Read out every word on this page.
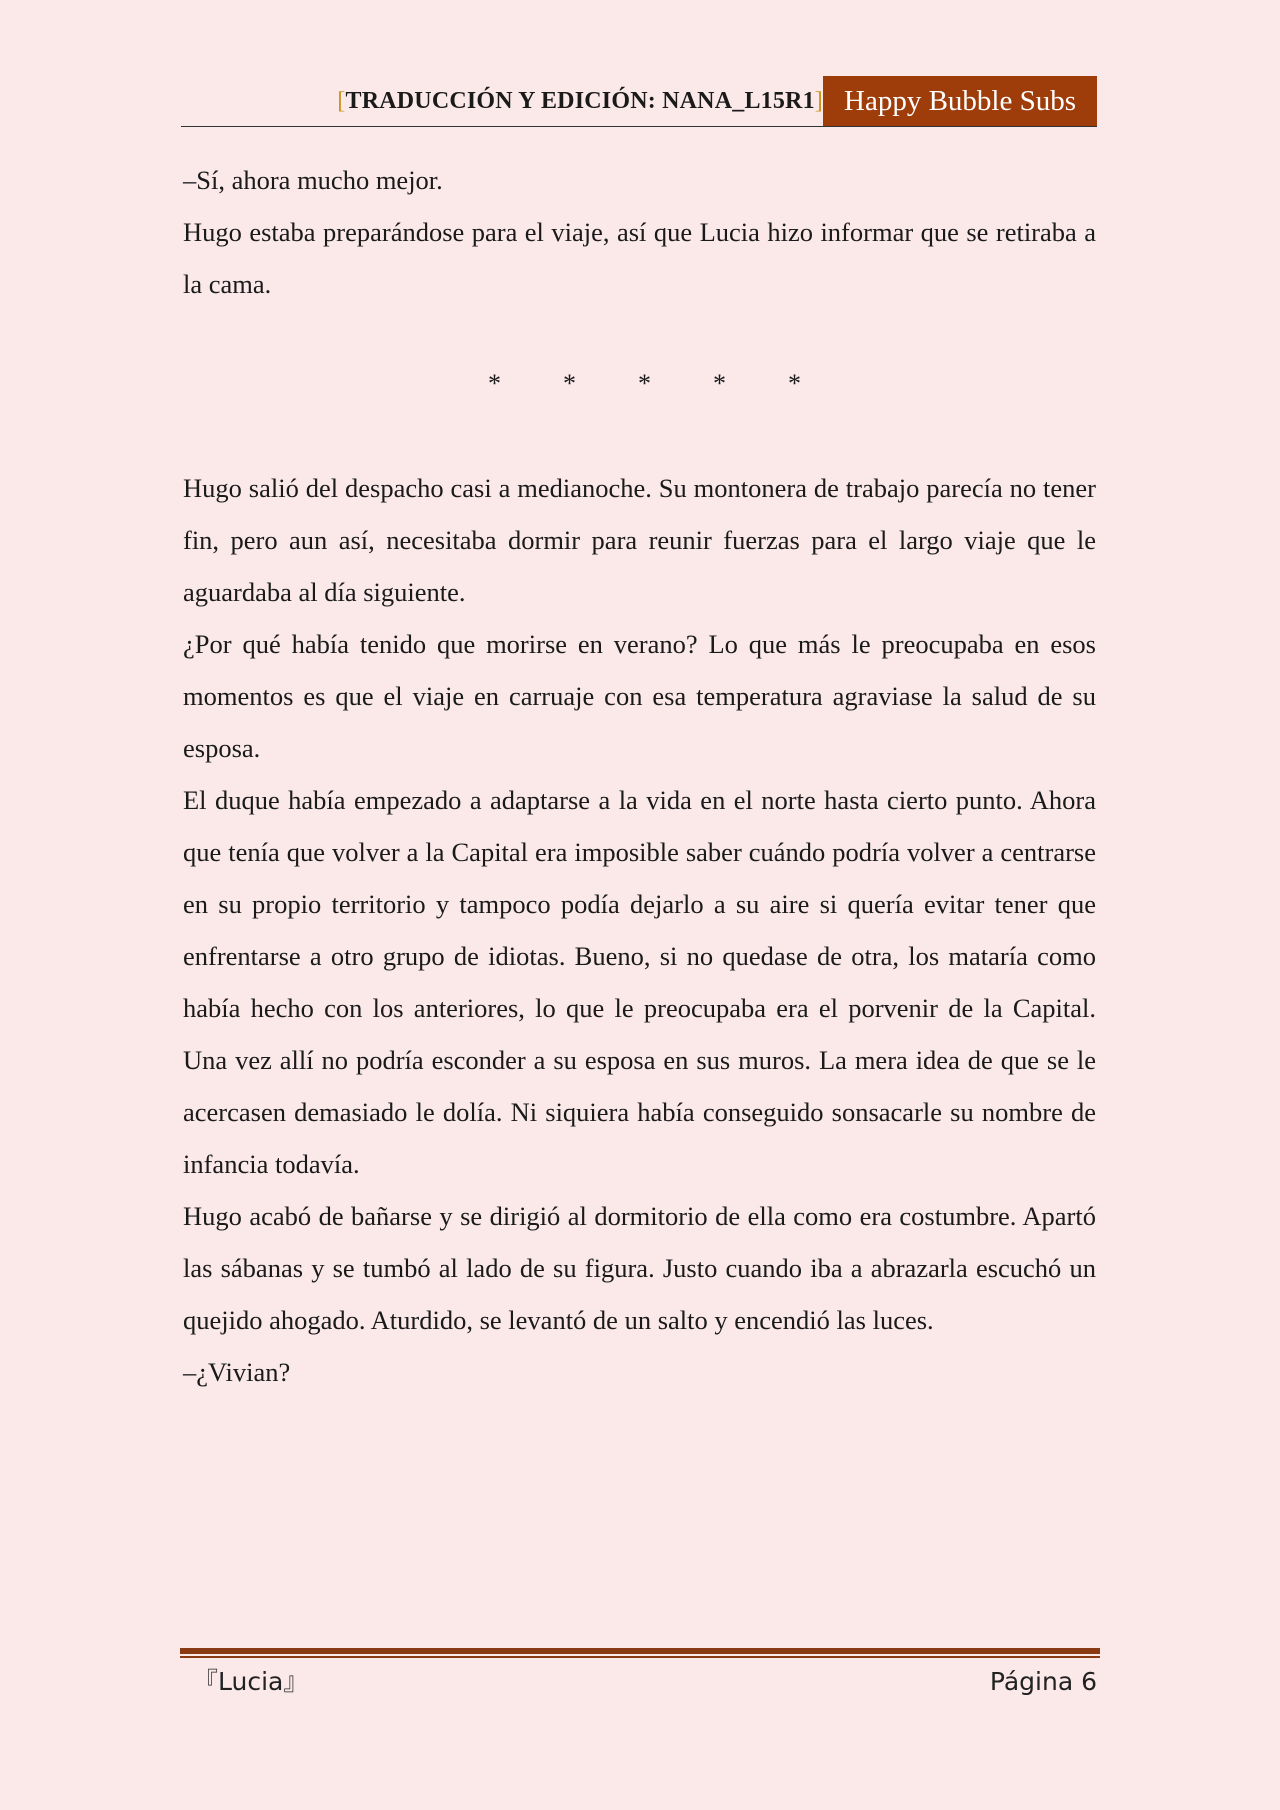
[TRADUCCIÓN Y EDICIÓN: NANA_L15R1] Happy Bubble Subs

–Sí, ahora mucho mejor.

Hugo estaba preparándose para el viaje, así que Lucia hizo informar que se retiraba a la cama.

*	*	*	*	*

Hugo salió del despacho casi a medianoche. Su montonera de trabajo parecía no tener fin, pero aun así, necesitaba dormir para reunir fuerzas para el largo viaje que le aguardaba al día siguiente.

¿Por qué había tenido que morirse en verano? Lo que más le preocupaba en esos momentos es que el viaje en carruaje con esa temperatura agraviase la salud de su esposa.

El duque había empezado a adaptarse a la vida en el norte hasta cierto punto. Ahora que tenía que volver a la Capital era imposible saber cuándo podría volver a centrarse en su propio territorio y tampoco podía dejarlo a su aire si quería evitar tener que enfrentarse a otro grupo de idiotas. Bueno, si no quedase de otra, los mataría como había hecho con los anteriores, lo que le preocupaba era el porvenir de la Capital. Una vez allí no podría esconder a su esposa en sus muros. La mera idea de que se le acercasen demasiado le dolía. Ni siquiera había conseguido sonsacarle su nombre de infancia todavía.

Hugo acabó de bañarse y se dirigió al dormitorio de ella como era costumbre. Apartó las sábanas y se tumbó al lado de su figura. Justo cuando iba a abrazarla escuchó un quejido ahogado. Aturdido, se levantó de un salto y encendió las luces.

–¿Vivian?

『Lucia』	Página 6
